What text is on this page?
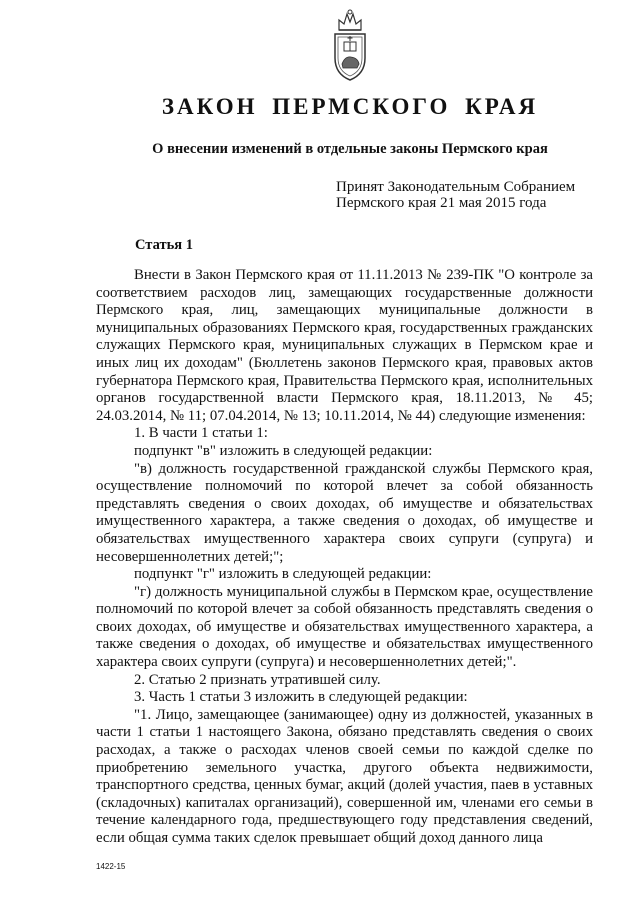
ЗАКОН ПЕРМСКОГО КРАЯ
О внесении изменений в отдельные законы Пермского края
Принят Законодательным Собранием
Пермского края 21 мая 2015 года
Статья 1

Внести в Закон Пермского края от 11.11.2013 № 239-ПК "О контроле за соответствием расходов лиц, замещающих государственные должности Пермского края, лиц, замещающих муниципальные должности в муниципальных образованиях Пермского края, государственных гражданских служащих Пермского края, муниципальных служащих в Пермском крае и иных лиц их доходам" (Бюллетень законов Пермского края, правовых актов губернатора Пермского края, Правительства Пермского края, исполнительных органов государственной власти Пермского края, 18.11.2013, № 45; 24.03.2014, № 11; 07.04.2014, № 13; 10.11.2014, № 44) следующие изменения:

1. В части 1 статьи 1:

подпункт "в" изложить в следующей редакции:

"в) должность государственной гражданской службы Пермского края, осуществление полномочий по которой влечет за собой обязанность представлять сведения о своих доходах, об имуществе и обязательствах имущественного характера, а также сведения о доходах, об имуществе и обязательствах имущественного характера своих супруги (супруга) и несовершеннолетних детей;";

подпункт "г" изложить в следующей редакции:

"г) должность муниципальной службы в Пермском крае, осуществление полномочий по которой влечет за собой обязанность представлять сведения о своих доходах, об имуществе и обязательствах имущественного характера, а также сведения о доходах, об имуществе и обязательствах имущественного характера своих супруги (супруга) и несовершеннолетних детей;".

2. Статью 2 признать утратившей силу.

3. Часть 1 статьи 3 изложить в следующей редакции:

"1. Лицо, замещающее (занимающее) одну из должностей, указанных в части 1 статьи 1 настоящего Закона, обязано представлять сведения о своих расходах, а также о расходах членов своей семьи по каждой сделке по приобретению земельного участка, другого объекта недвижимости, транспортного средства, ценных бумаг, акций (долей участия, паев в уставных (складочных) капиталах организаций), совершенной им, членами его семьи в течение календарного года, предшествующего году представления сведений, если общая сумма таких сделок превышает общий доход данного лица

1422-15
